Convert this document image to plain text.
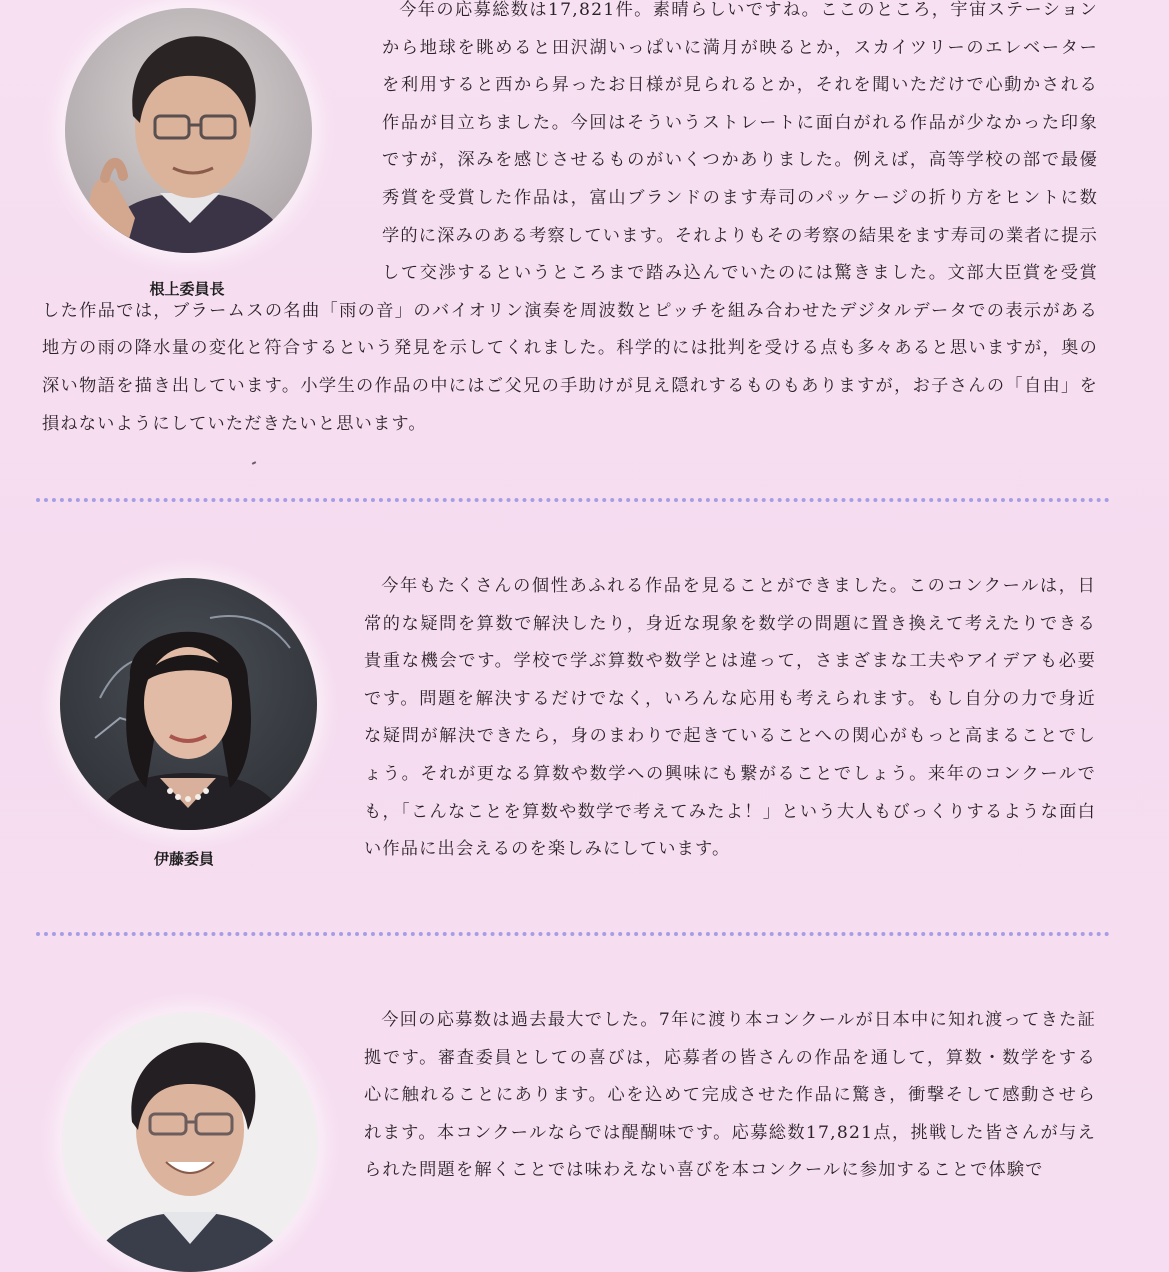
根上委員長

今年の応募総数は17,821件。素晴らしいですね。ここのところ，宇宙ステーションから地球を眺めると田沢湖いっぱいに満月が映るとか，スカイツリーのエレベーターを利用すると西から昇ったお日様が見られるとか，それを聞いただけで心動かされる作品が目立ちました。今回はそういうストレートに面白がれる作品が少なかった印象ですが，深みを感じさせるものがいくつかありました。例えば，高等学校の部で最優秀賞を受賞した作品は，富山ブランドのます寿司のパッケージの折り方をヒントに数学的に深みのある考察しています。それよりもその考察の結果をます寿司の業者に提示して交渉するというところまで踏み込んでいたのには驚きました。文部大臣賞を受賞した作品では，ブラームスの名曲「雨の音」のバイオリン演奏を周波数とピッチを組み合わせたデジタルデータでの表示がある地方の雨の降水量の変化と符合するという発見を示してくれました。科学的には批判を受ける点も多々あると思いますが，奥の深い物語を描き出しています。小学生の作品の中にはご父兄の手助けが見え隠れするものもありますが，お子さんの「自由」を損ねないようにしていただきたいと思います。

伊藤委員

今年もたくさんの個性あふれる作品を見ることができました。このコンクールは，日常的な疑問を算数で解決したり，身近な現象を数学の問題に置き換えて考えたりできる貴重な機会です。学校で学ぶ算数や数学とは違って，さまざまな工夫やアイデアも必要です。問題を解決するだけでなく，いろんな応用も考えられます。もし自分の力で身近な疑問が解決できたら，身のまわりで起きていることへの関心がもっと高まることでしょう。それが更なる算数や数学への興味にも繋がることでしょう。来年のコンクールでも，「こんなことを算数や数学で考えてみたよ！」という大人もびっくりするような面白い作品に出会えるのを楽しみにしています。

今回の応募数は過去最大でした。7年に渡り本コンクールが日本中に知れ渡ってきた証拠です。審査委員としての喜びは，応募者の皆さんの作品を通して，算数・数学をする心に触れることにあります。心を込めて完成させた作品に驚き，衝撃そして感動させられます。本コンクールならでは醍醐味です。応募総数17,821点，挑戦した皆さんが与えられた問題を解くことでは味わえない喜びを本コンクールに参加することで体験で
